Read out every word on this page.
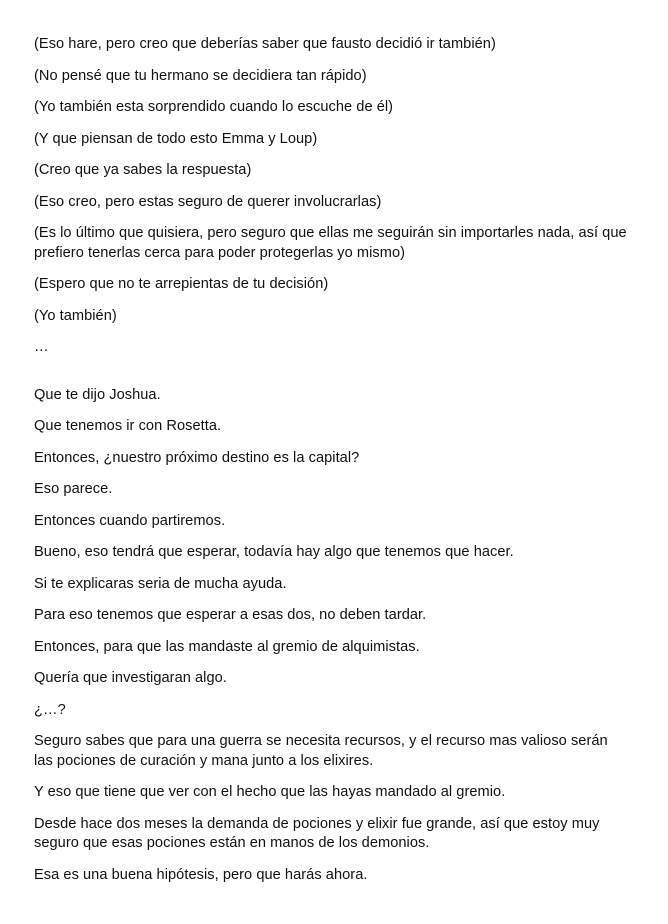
(Eso hare, pero creo que deberías saber que fausto decidió ir también)

(No pensé que tu hermano se decidiera tan rápido)

(Yo también esta sorprendido cuando lo escuche de él)

(Y que piensan de todo esto Emma y Loup)

(Creo que ya sabes la respuesta)

(Eso creo, pero estas seguro de querer involucrarlas)

(Es lo último que quisiera, pero seguro que ellas me seguirán sin importarles nada, así que prefiero tenerlas cerca para poder protegerlas yo mismo)

(Espero que no te arrepientas de tu decisión)

(Yo también)

…

Que te dijo Joshua.

Que tenemos ir con Rosetta.

Entonces, ¿nuestro próximo destino es la capital?

Eso parece.

Entonces cuando partiremos.

Bueno, eso tendrá que esperar, todavía hay algo que tenemos que hacer.

Si te explicaras seria de mucha ayuda.

Para eso tenemos que esperar a esas dos, no deben tardar.

Entonces, para que las mandaste al gremio de alquimistas.

Quería que investigaran algo.

¿…?

Seguro sabes que para una guerra se necesita recursos, y el recurso mas valioso serán las pociones de curación y mana junto a los elixires.

Y eso que tiene que ver con el hecho que las hayas mandado al gremio.

Desde hace dos meses la demanda de pociones y elixir fue grande, así que estoy muy seguro que esas pociones están en manos de los demonios.

Esa es una buena hipótesis, pero que harás ahora.
